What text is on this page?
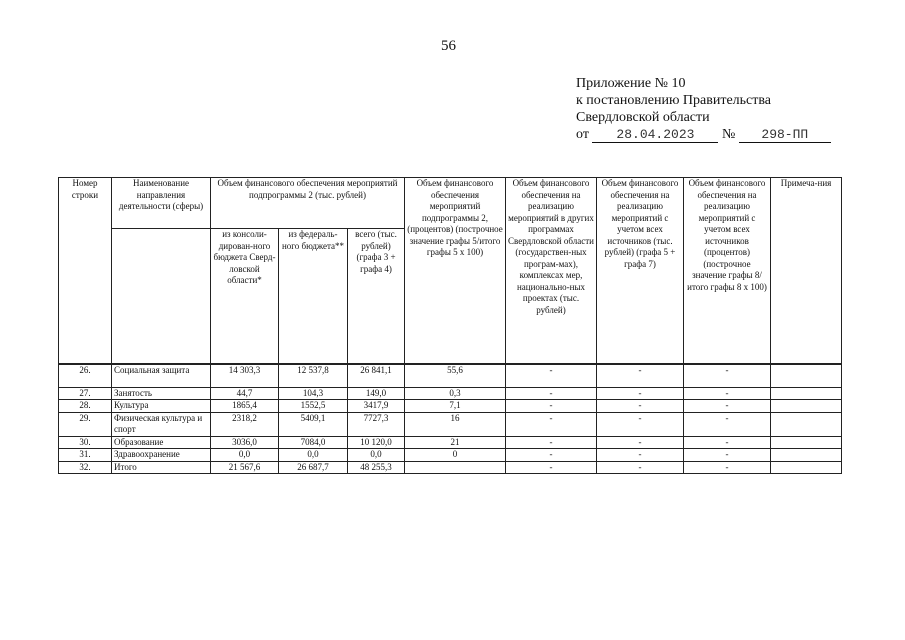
56
Приложение № 10
к постановлению Правительства
Свердловской области
от 28.04.2023 № 298-ПП
Номер строки	Наименование направления деятельности (сферы)	Объем финансового обеспечения мероприятий подпрограммы 2 (тыс. рублей)			Объем финансового обеспечения мероприятий подпрограммы 2, (процентов) (построчное значение графы 5/итого графы 5 х 100)	Объем финансового обеспечения на реализацию мероприятий в других программах Свердловской области (государствен-ных програм-мах), комплексах мер, национально-ных проектах (тыс. рублей)	Объем финансового обеспечения на реализацию мероприятий с учетом всех источников (тыс. рублей) (графа 5 + графа 7)	Объем финансового обеспечения на реализацию мероприятий с учетом всех источников (процентов) (построчное значение графы 8/итого графы 8 х 100)	Примеча-ния
		из консоли-дирован-ного бюджета Сверд-ловской области*	из федераль-ного бюджета**	всего (тыс. рублей) (графа 3 + графа 4)					
26.	Социальная защита	14 303,3	12 537,8	26 841,1	55,6	-	-	-	
27.	Занятость	44,7	104,3	149,0	0,3	-	-	-	
28.	Культура	1865,4	1552,5	3417,9	7,1	-	-	-	
29.	Физическая культура и спорт	2318,2	5409,1	7727,3	16	-	-	-	
30.	Образование	3036,0	7084,0	10 120,0	21	-	-	-	
31.	Здравоохранение	0,0	0,0	0,0	0	-	-	-	
32.	Итого	21 567,6	26 687,7	48 255,3		-	-	-	
